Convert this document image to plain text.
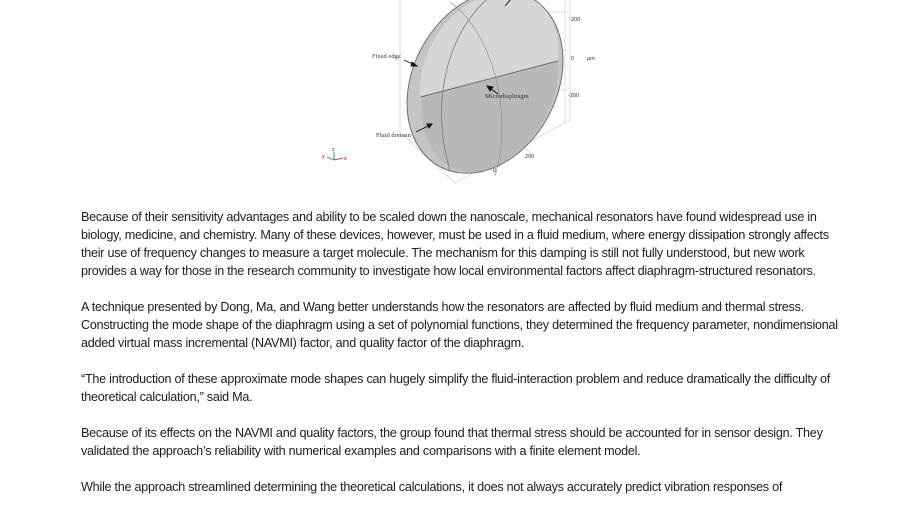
Fixed edge
Microdiaphragm
Fluid domain
200
0
-200
μm
0
200
z
y	x

Because of their sensitivity advantages and ability to be scaled down the nanoscale, mechanical resonators have found widespread use in biology, medicine, and chemistry. Many of these devices, however, must be used in a fluid medium, where energy dissipation strongly affects their use of frequency changes to measure a target molecule. The mechanism for this damping is still not fully understood, but new work provides a way for those in the research community to investigate how local environmental factors affect diaphragm-structured resonators.

A technique presented by Dong, Ma, and Wang better understands how the resonators are affected by fluid medium and thermal stress. Constructing the mode shape of the diaphragm using a set of polynomial functions, they determined the frequency parameter, nondimensional added virtual mass incremental (NAVMI) factor, and quality factor of the diaphragm.

“The introduction of these approximate mode shapes can hugely simplify the fluid-interaction problem and reduce dramatically the difficulty of theoretical calculation,” said Ma.

Because of its effects on the NAVMI and quality factors, the group found that thermal stress should be accounted for in sensor design. They validated the approach’s reliability with numerical examples and comparisons with a finite element model.

While the approach streamlined determining the theoretical calculations, it does not always accurately predict vibration responses of
